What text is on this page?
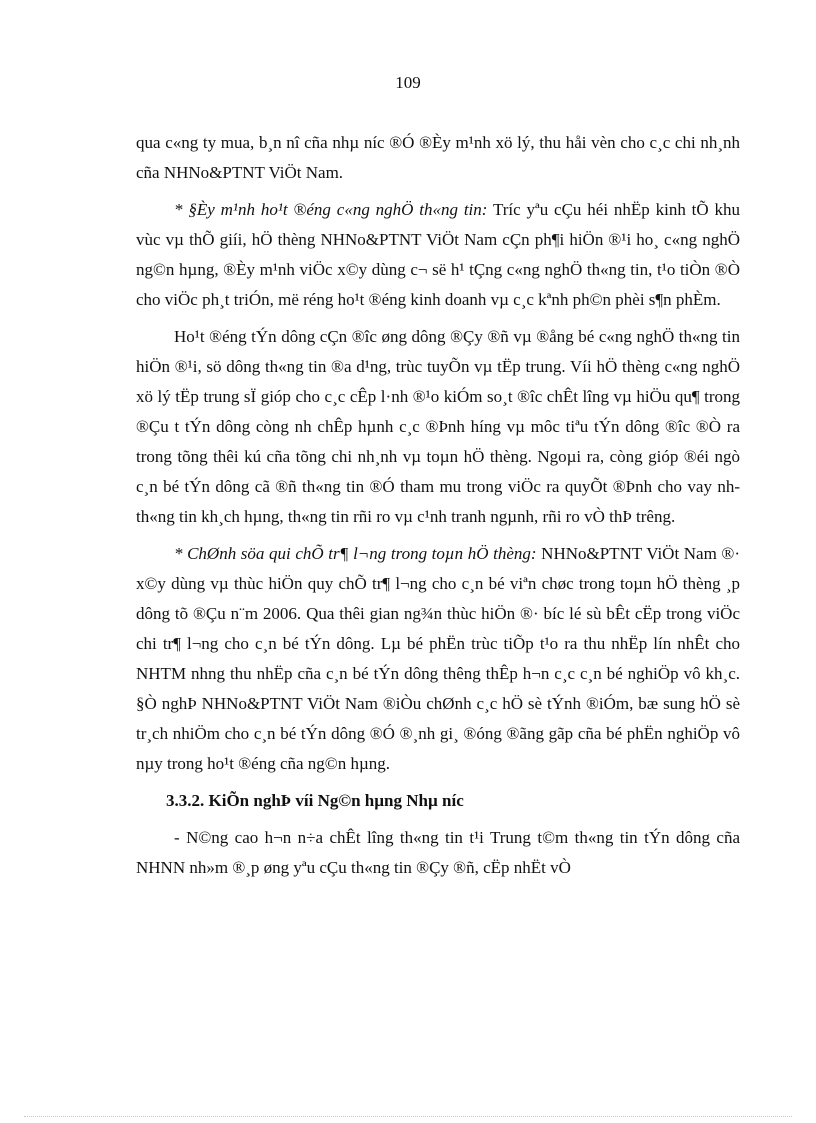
109

qua c«ng ty mua, b¸n nî cña nhµ níc ®Ó ®Èy m¹nh xö lý, thu håi vèn cho c¸c chi nh¸nh cña NHNo&PTNT ViÖt Nam.

* §Èy m¹nh ho¹t ®éng c«ng nghÖ th«ng tin: Tríc yªu cÇu héi nhËp kinh tÕ khu vùc vµ thÕ giíi, hÖ thèng NHNo&PTNT ViÖt Nam cÇn ph¶i hiÖn ®¹i ho¸ c«ng nghÖ ng©n hµng, ®Èy m¹nh viÖc x©y dùng c¬ së h¹ tÇng c«ng nghÖ th«ng tin, t¹o tiÒn ®Ò cho viÖc ph¸t triÓn, më réng ho¹t ®éng kinh doanh vµ c¸c kªnh ph©n phèi s¶n phÈm.

Ho¹t ®éng tÝn dông cÇn ®îc øng dông ®Çy ®ñ vµ ®ång bé c«ng nghÖ th«ng tin hiÖn ®¹i, sö dông th«ng tin ®a d¹ng, trùc tuyÕn vµ tËp trung. Víi hÖ thèng c«ng nghÖ xö lý tËp trung sÏ gióp cho c¸c cÊp l·nh ®¹o kiÓm so¸t ®îc chÊt lîng vµ hiÖu qu¶ trong ®Çu t tÝn dông còng nh chÊp hµnh c¸c ®Þnh híng vµ môc tiªu tÝn dông ®îc ®Ò ra trong tõng thêi kú cña tõng chi nh¸nh vµ toµn hÖ thèng. Ngoµi ra, còng gióp ®éi ngò c¸n bé tÝn dông cã ®ñ th«ng tin ®Ó tham mu trong viÖc ra quyÕt ®Þnh cho vay nh th«ng tin kh¸ch hµng, th«ng tin rñi ro vµ c¹nh tranh ngµnh, rñi ro vÒ thÞ trêng.

* ChØnh söa qui chÕ tr¶ l¬ng trong toµn hÖ thèng: NHNo&PTNT ViÖt Nam ®· x©y dùng vµ thùc hiÖn quy chÕ tr¶ l¬ng cho c¸n bé viªn chøc trong toµn hÖ thèng ¸p dông tõ ®Çu n¨m 2006. Qua thêi gian ng¾n thùc hiÖn ®· bíc lé sù bÊt cËp trong viÖc chi tr¶ l¬ng cho c¸n bé tÝn dông. Lµ bé phËn trùc tiÕp t¹o ra thu nhËp lín nhÊt cho NHTM nhng thu nhËp cña c¸n bé tÝn dông thêng thÊp h¬n c¸c c¸n bé nghiÖp vô kh¸c. §Ò nghÞ NHNo&PTNT ViÖt Nam ®iÒu chØnh c¸c hÖ sè tÝnh ®iÓm, bæ sung hÖ sè tr¸ch nhiÖm cho c¸n bé tÝn dông ®Ó ®¸nh gi¸ ®óng ®ãng gãp cña bé phËn nghiÖp vô nµy trong ho¹t ®éng cña ng©n hµng.

3.3.2. KiÕn nghÞ víi Ng©n hµng Nhµ níc

- N©ng cao h¬n n÷a chÊt lîng th«ng tin t¹i Trung t©m th«ng tin tÝn dông cña NHNN nh»m ®¸p øng yªu cÇu th«ng tin ®Çy ®ñ, cËp nhËt vÒ
